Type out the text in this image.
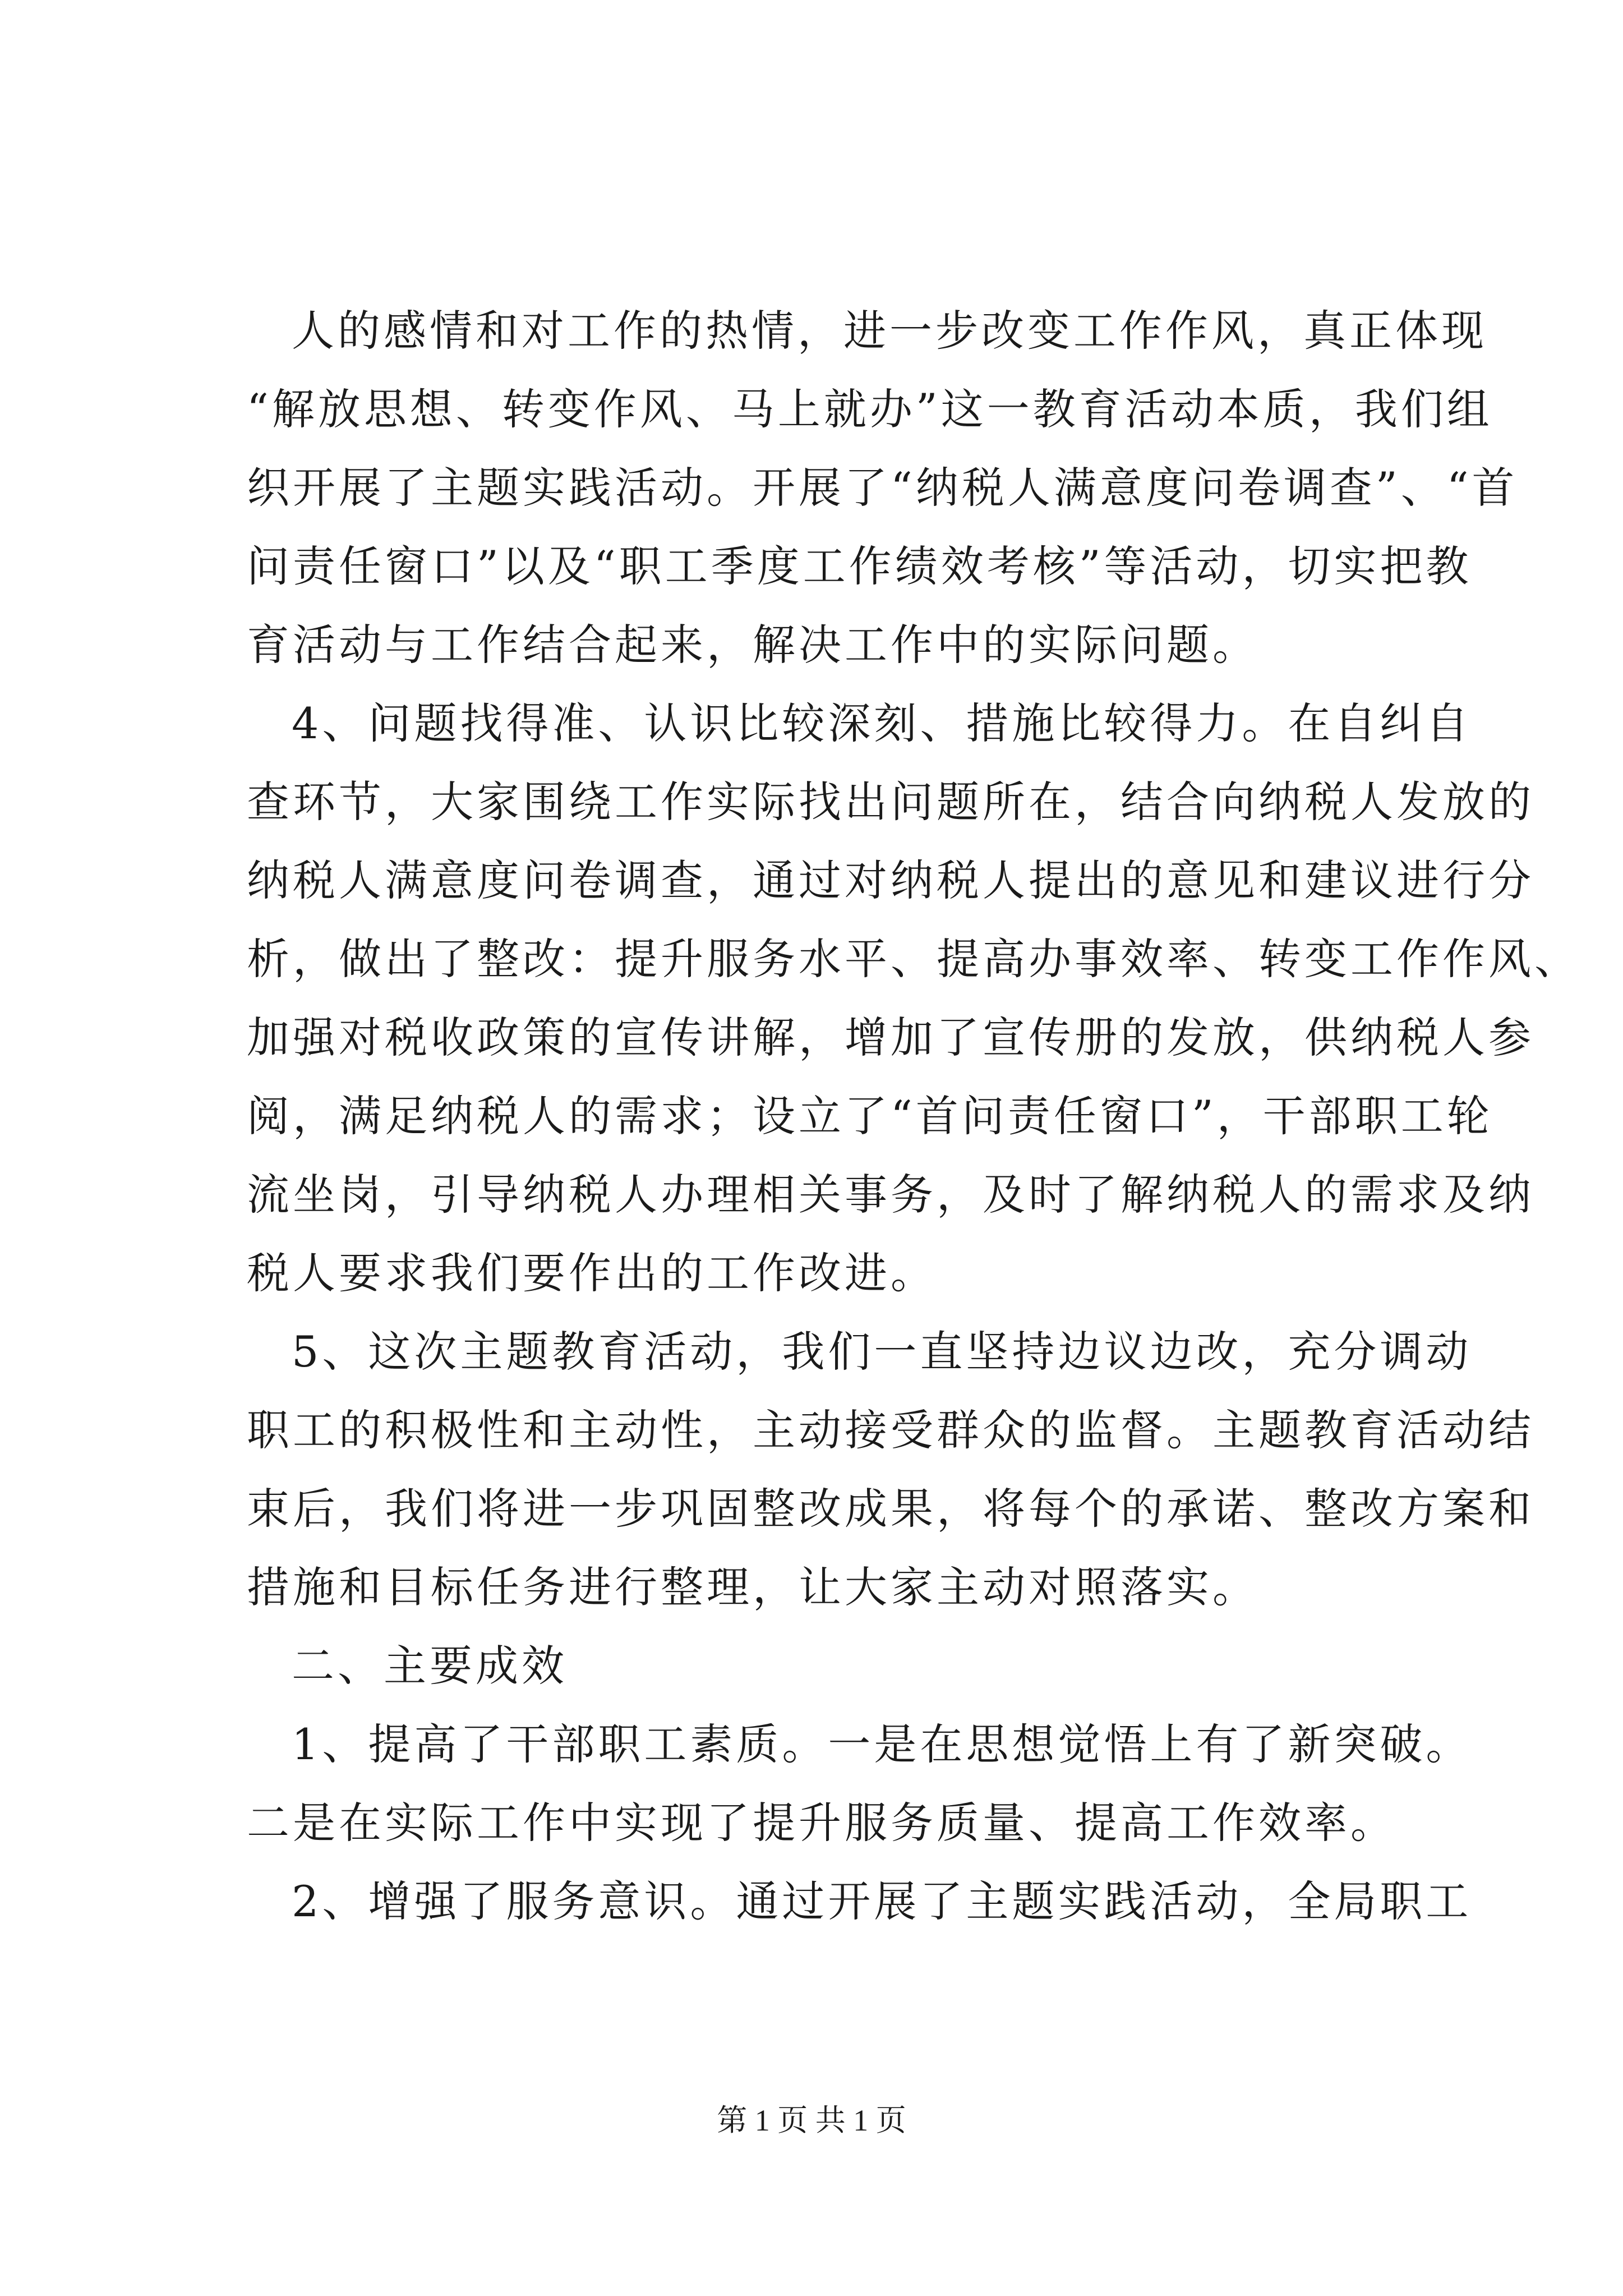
人的感情和对工作的热情，进一步改变工作作风，真正体现
“解放思想、转变作风、马上就办”这一教育活动本质，我们组
织开展了主题实践活动。开展了“纳税人满意度问卷调查”、“首
问责任窗口”以及“职工季度工作绩效考核”等活动，切实把教
育活动与工作结合起来，解决工作中的实际问题。
4、问题找得准、认识比较深刻、措施比较得力。在自纠自
查环节，大家围绕工作实际找出问题所在，结合向纳税人发放的
纳税人满意度问卷调查，通过对纳税人提出的意见和建议进行分
析，做出了整改：提升服务水平、提高办事效率、转变工作作风、
加强对税收政策的宣传讲解，增加了宣传册的发放，供纳税人参
阅，满足纳税人的需求；设立了“首问责任窗口”，干部职工轮
流坐岗，引导纳税人办理相关事务，及时了解纳税人的需求及纳
税人要求我们要作出的工作改进。
5、这次主题教育活动，我们一直坚持边议边改，充分调动
职工的积极性和主动性，主动接受群众的监督。主题教育活动结
束后，我们将进一步巩固整改成果，将每个的承诺、整改方案和
措施和目标任务进行整理，让大家主动对照落实。
二、主要成效
1、提高了干部职工素质。一是在思想觉悟上有了新突破。
二是在实际工作中实现了提升服务质量、提高工作效率。
2、增强了服务意识。通过开展了主题实践活动，全局职工
第 1 页 共 1 页
